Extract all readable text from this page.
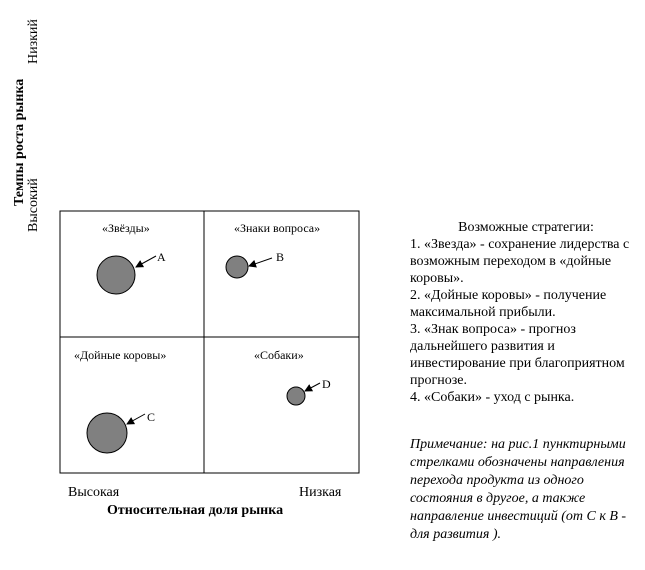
Темпы роста рынка Высокий
Низкий
«Звёзды»	«Знаки вопроса»
«Дойные коровы»	«Собаки»
A	B
C
D
Высокая	Низкая
Относительная доля рынка
Возможные стратегии:
1. «Звезда» - сохранение лидерства с возможным переходом в «дойные коровы».
2. «Дойные коровы» - получение максимальной прибыли.
3. «Знак вопроса» - прогноз дальнейшего развития и инвестирование при благоприятном прогнозе.
4. «Собаки» - уход с рынка.
Примечание: на рис.1 пунктирными стрелками обозначены направления перехода продукта из одного состояния в другое, а также направление инвестиций (от С к В - для развития ).
